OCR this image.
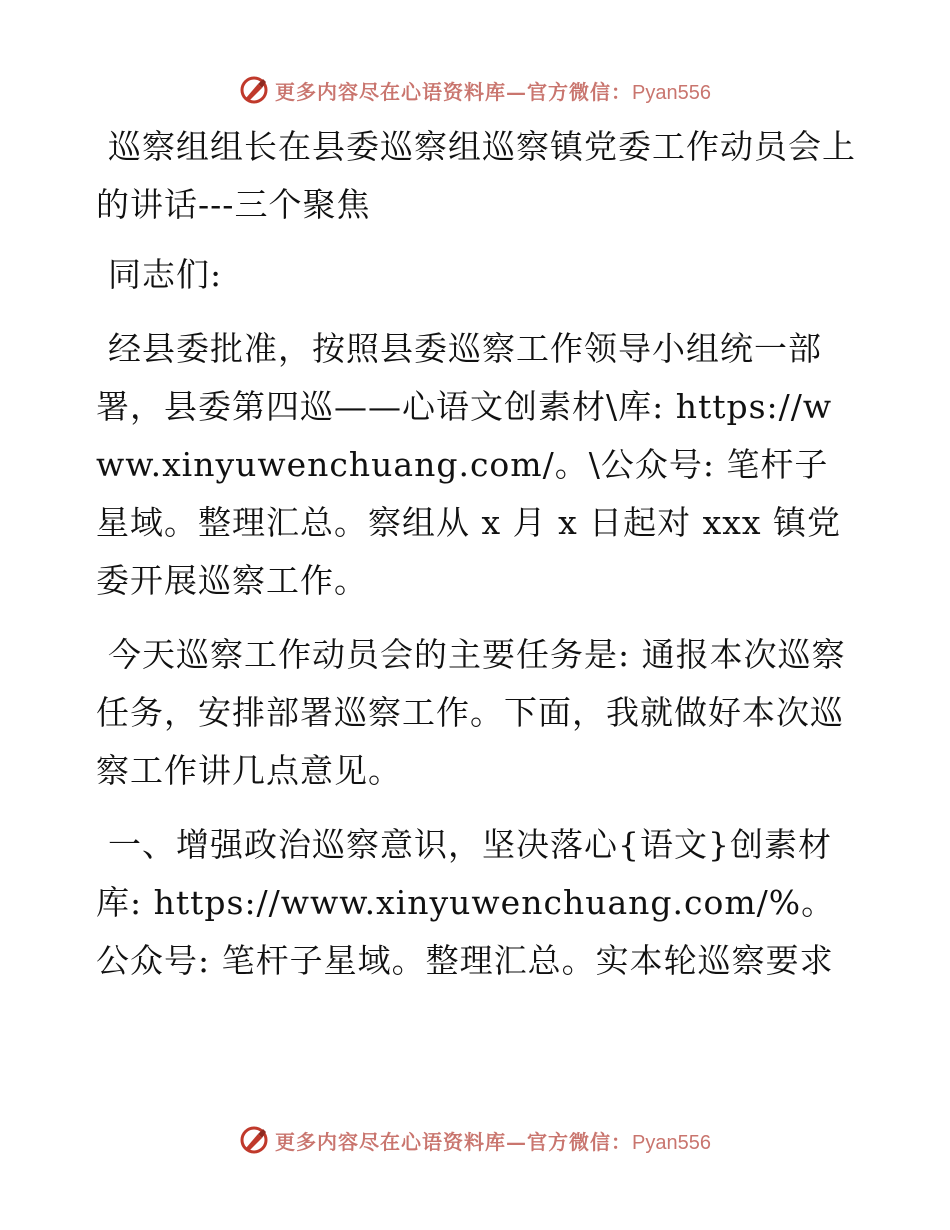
更多内容尽在心语资料库—官方微信：Pyan556

巡察组组长在县委巡察组巡察镇党委工作动员会上的讲话---三个聚焦

同志们:

经县委批准，按照县委巡察工作领导小组统一部署，县委第四巡——心语文创素材\库: https://www.xinyuwenchuang.com/。\公众号: 笔杆子星域。整理汇总。察组从 x 月 x 日起对 xxx 镇党委开展巡察工作。

今天巡察工作动员会的主要任务是: 通报本次巡察任务，安排部署巡察工作。下面，我就做好本次巡察工作讲几点意见。

一、增强政治巡察意识，坚决落心{语文}创素材库: https://www.xinyuwenchuang.com/%。公众号: 笔杆子星域。整理汇总。实本轮巡察要求

更多内容尽在心语资料库—官方微信：Pyan556
